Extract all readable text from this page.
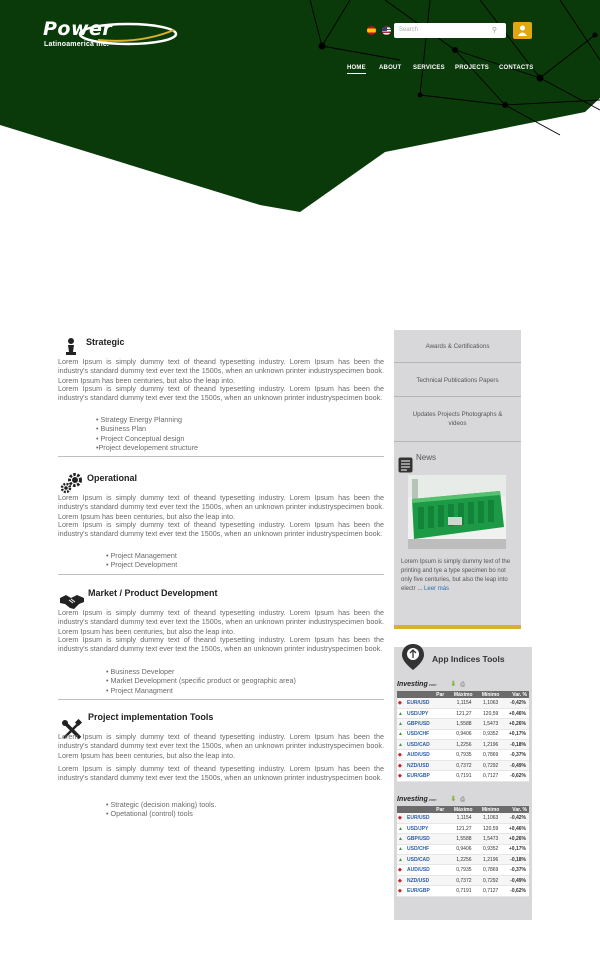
Power
Latinoamerica Inc.
Search	⚲
HOME ABOUT SERVICES PROJECTS CONTACTS
Strategic

Lorem Ipsum is simply dummy text of theand typesetting industry. Lorem Ipsum has been the industry's standard dummy text ever text the 1500s, when an unknown printer industryspecimen book. Lorem Ipsum has been centuries, but also the leap into.

Lorem Ipsum is simply dummy text of theand typesetting industry. Lorem Ipsum has been the industry's standard dummy text ever text the 1500s, when an unknown printer industryspecimen book.

• Strategy Energy Planning
• Business Plan
• Project Conceptual design
•Project developement structure
Operational

Lorem Ipsum is simply dummy text of theand typesetting industry. Lorem Ipsum has been the industry's standard dummy text ever text the 1500s, when an unknown printer industryspecimen book. Lorem Ipsum has been centuries, but also the leap into.

Lorem Ipsum is simply dummy text of theand typesetting industry. Lorem Ipsum has been the industry's standard dummy text ever text the 1500s, when an unknown printer industryspecimen book.

• Project Management
• Project Development
Market / Product Development

Lorem Ipsum is simply dummy text of theand typesetting industry. Lorem Ipsum has been the industry's standard dummy text ever text the 1500s, when an unknown printer industryspecimen book. Lorem Ipsum has been centuries, but also the leap into.

Lorem Ipsum is simply dummy text of theand typesetting industry. Lorem Ipsum has been the industry's standard dummy text ever text the 1500s, when an unknown printer industryspecimen book.

• Business Developer
• Market Development (specific product or geographic area)
• Project Managment
Project implementation Tools

Lorem Ipsum is simply dummy text of theand typesetting industry. Lorem Ipsum has been the industry's standard dummy text ever text the 1500s, when an unknown printer industryspecimen book. Lorem Ipsum has been centuries, but also the leap into.

Lorem Ipsum is simply dummy text of theand typesetting industry. Lorem Ipsum has been the industry's standard dummy text ever text the 1500s, when an unknown printer industryspecimen book.

• Strategic (decision making) tools.
• Opetational (control) tools
Awards & Certifications
Technical Publications Papers
Updates Projects Photographs & videos
News

Lorem Ipsum is simply dummy text of the printing and tye a type specimen bo not only five centuries, but also the leap into electr ... Leer más

App Indices Tools
Investing.com ⬇ ⎙
Par	Máximo	Mínimo	Var. %
◆ EUR/USD	1,1154	1,1063	-0,42%
▲ USD/JPY	121,27	120,59	+0,46%
▲ GBP/USD	1,5588	1,5473	+0,26%
▲ USD/CHF	0,9406	0,9352	+0,17%
▲ USD/CAD	1,2256	1,2196	-0,18%
◆ AUD/USD	0,7935	0,7869	-0,37%
◆ NZD/USD	0,7372	0,7292	-0,49%
◆ EUR/GBP	0,7191	0,7127	-0,62%
Investing.com ⬇ ⎙
Par	Máximo	Mínimo	Var. %
◆ EUR/USD	1,1154	1,1063	-0,42%
▲ USD/JPY	121,27	120,59	+0,46%
▲ GBP/USD	1,5588	1,5473	+0,26%
▲ USD/CHF	0,9406	0,9352	+0,17%
▲ USD/CAD	1,2256	1,2196	-0,18%
◆ AUD/USD	0,7935	0,7869	-0,37%
◆ NZD/USD	0,7372	0,7292	-0,49%
◆ EUR/GBP	0,7191	0,7127	-0,62%
